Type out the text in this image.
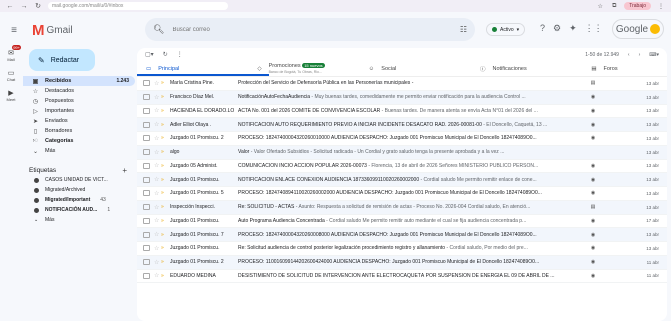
← → ↻ mail.google.com/mail/u/0/#inbox	☆	⧉	Trabajo	⋮
≡	M Gmail	🔍︎
Buscar correo	☷	Activo ▾ ? ⚙ ✦ ⋮⋮ Google
✉
99+
Mail
▭
Chat
▶
Meet
✎ Redactar
▣ Recibidos	1.243
☆ Destacados
◷ Pospuestos
▷ Importantes
➤ Enviados
▯	Borradores
›◌ Categorías
⌄ Más
Etiquetas	+
CASOS UNIDAD DE VICT...
Migrated/Archived
Migrated/Important 43
NOTIFICACIÓN AUD... 1
⌄ Más
▢▾ ↻ ⋮	1-50 de 12.949 ‹ › ⌨▾
▭ Principal	◇ Promociones 15 nuevos
Banco de Bogotá, Tu Obras, Rio...	☺ Social	ⓘ Notificaciones	▤ Foros
☆ »	María Cristina Pine.	Protección del Servicio de Defensoría Pública en las Personerías municipales -	▤	13 abr
☆ »	Francisco Díaz Mel.	NotificaciónAutoFechaAudiencia - Muy buenas tardes, comedidamente me permito enviar notificación para la audiencia Control ...	◉	13 abr
☆ »	HACIENDA EL DORADO.LO ACTA No. 001 del 2026 COMITÉ DE CONVIVENCIA ESCOLAR - Buenas tardes. De manera atenta se envía Acta N°01 del 2026 del ...	◉	13 abr
☆ »	Adler Elliot Olaya .	NOTIFICACIÓN AUTO REQUERIMIENTO PREVIO A INICIAR INCIDENTE DESACATO RAD. 2026-00081-00 - El Doncello, Caquetá, 13 ...	◉	13 abr
☆ »	Juzgado 01 Promiscu. 2	PROCESO: 18247400004320260010000 AUDIENCIA DESPACHO: Juzgado 001 Promiscuo Municipal de El Doncello 182474089O0...	◉	13 abr
☆ »	algo	Valor - Valor Ofertado Subsidios - Solicitud radicada - Un Cordial y grato saludo tenga la presente aprobada y a la vez ...	13 abr
☆ »	Juzgado 05 Administ.	COMUNICACIÓN INCIO ACCIÓN POPULAR 2026-00073 - Florencia, 13 de abril de 2026 Señores MINISTERIO PÚBLICO PERSON...	◉	13 abr
☆ »	Juzgado 01 Promiscu.	NOTIFICACIÓN ENLACE CONEXIÓN AUDIENCIA 187336099110020260002000 - Cordial saludo Me permito remitir enlace de cone...	◉	13 abr
☆ »	Juzgado 01 Promiscu. 5	PROCESO: 1824740894110020260002000 AUDIENCIA DESPACHO: Juzgado 001 Promiscuo Municipal de El Doncello 182474089O0...	◉	13 abr
☆ »	Inspección Inspecci.	Re: SOLICITUD - ACTAS - Asunto: Respuesta a solicitud de remisión de actas - Proceso No. 2026-004 Cordial saludo, En atenció...	▤	13 abr
☆ »	Juzgado 01 Promiscu.	Auto Programa Audiencia Concentrada - Cordial saludo Me permito remitir auto mediante el cual se fija audiencia concentrada p...	◉	17 abr
☆ »	Juzgado 01 Promiscu. 7	PROCESO: 18247400004320260008000 AUDIENCIA DESPACHO: Juzgado 001 Promiscuo Municipal de El Doncello 182474089O0...	◉	13 abr
☆ »	Juzgado 01 Promiscu.	Re: Solicitud audiencia de control posterior legalización procedimiento registro y allanamiento - Cordial saludo, Por medio del pre...	◉	13 abr
☆ »	Juzgado 01 Promiscu. 2	PROCESO: 110016099144202600424000 AUDIENCIA DESPACHO: Juzgado 001 Promiscuo Municipal de El Doncello 182474089O0...	◉	11 abr
☆ »	EDUARDO MEDINA	DESISTIMIENTO DE SOLICITUD DE INTERVENCIÓN ANTE ELECTROCAQUETÁ POR SUSPENSIÓN DE ENERGÍA EL 09 DE ABRIL DE ...	◉	11 abr
